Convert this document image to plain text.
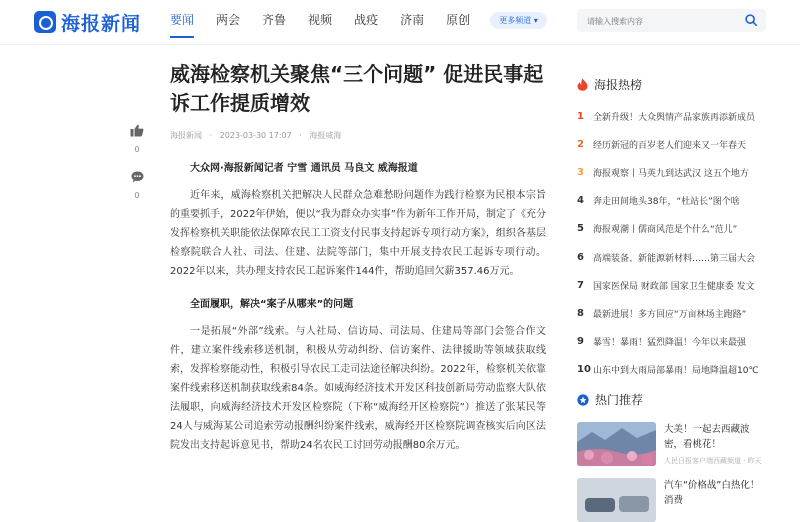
海报新闻 要闻 两会 齐鲁 视频 战疫 济南 原创	更多频道 ▾
请输入搜索内容
0
0
威海检察机关聚焦“三个问题” 促进民事起诉工作提质增效
海报新闻 · 2023-03-30 17:07 · 海报威海
大众网·海报新闻记者 宁雪 通讯员 马良文 威海报道

近年来，威海检察机关把解决人民群众急难愁盼问题作为践行检察为民根本宗旨的重要抓手，2022年伊始，便以“我为群众办实事”作为新年工作开局，制定了《充分发挥检察机关职能依法保障农民工工资支付民事支持起诉专项行动方案》，组织各基层检察院联合人社、司法、住建、法院等部门，集中开展支持农民工起诉专项行动。2022年以来，共办理支持农民工起诉案件144件，帮助追回欠薪357.46万元。

全面履职，解决“案子从哪来”的问题

一是拓展“外部”线索。与人社局、信访局、司法局、住建局等部门会签合作文件，建立案件线索移送机制，积极从劳动纠纷、信访案件、法律援助等领域获取线索，发挥检察能动性，积极引导农民工走司法途径解决纠纷。2022年，检察机关依靠案件线索移送机制获取线索84条。如威海经济技术开发区科技创新局劳动监察大队依法履职，向威海经济技术开发区检察院（下称“威海经开区检察院”）推送了张某民等24人与威海某公司追索劳动报酬纠纷案件线索，威海经开区检察院调查核实后向区法院发出支持起诉意见书，帮助24名农民工讨回劳动报酬80余万元。

海报热榜
1	全新升级！大众舆情产品家族再添新成员
2	经历新冠的百岁老人们迎来又一年春天
3	海报观察丨马英九到达武汉 这五个地方
4	奔走田间地头38年，“杜站长”图个啥
5	海报观潮丨儒商风范是个什么“范儿”
6	高端装备、新能源新材料……第三届大会
7	国家医保局 财政部 国家卫生健康委 发文
8	最新进展！多方回应“万亩林场主跑路”
9	暴雪！暴雨！猛烈降温！今年以来最强
10 山东中到大雨局部暴雨！局地降温超10℃
热门推荐
大美！一起去西藏波密，看桃花！
人民日报客户端西藏频道 · 昨天
汽车“价格战”白热化！消费
